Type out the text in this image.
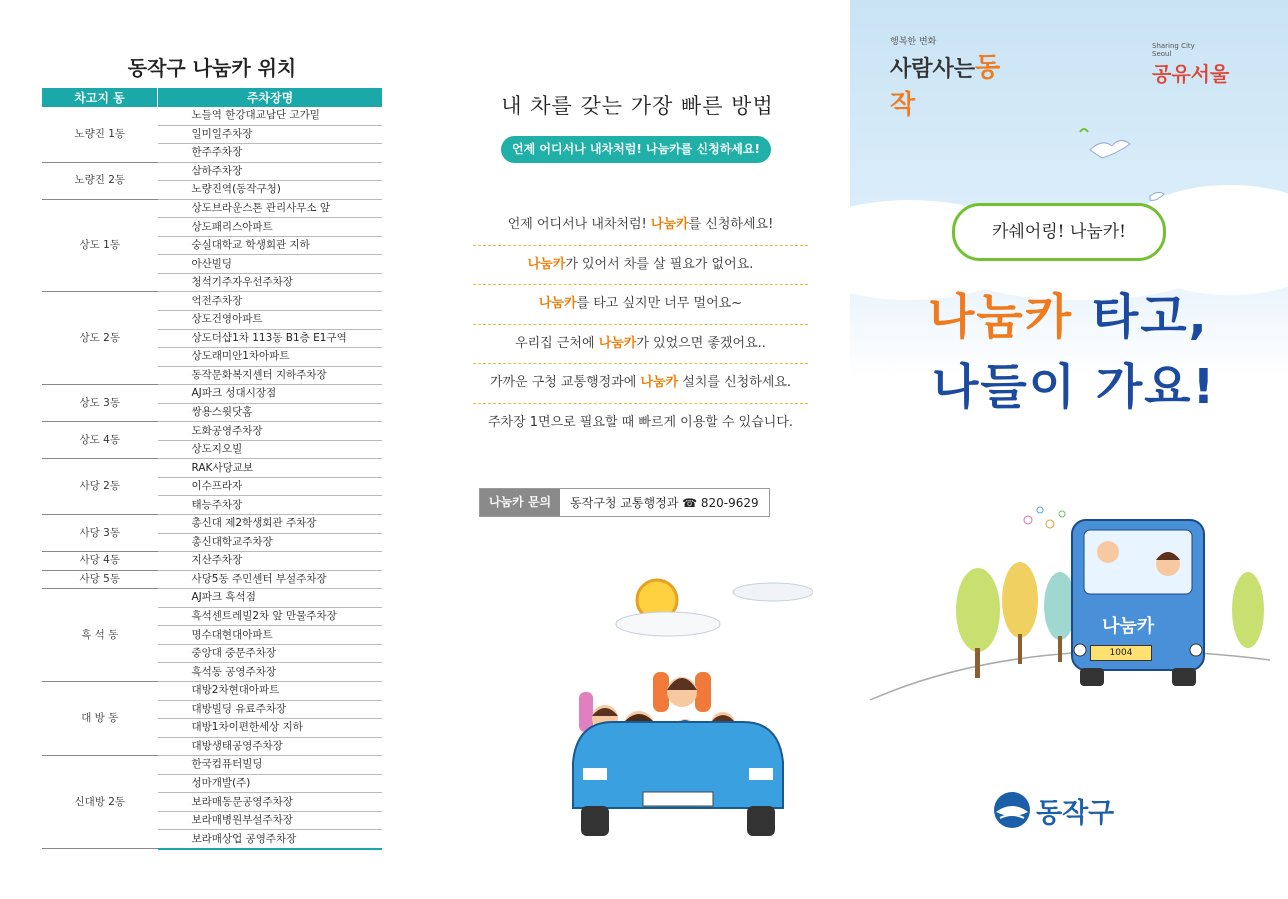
동작구 나눔카 위치
차고지 동	주차장명
노량진 1동	노들역 한강대교남단 고가밑
	일미일주차장
	한주주차장
노량진 2동	삼하주차장
	노량진역(동작구청)
상도 1동	상도브라운스톤 관리사무소 앞
	상도패리스아파트
	숭실대학교 학생회관 지하
	아산빌딩
	청석기주자우선주차장
상도 2동	억전주차장
	상도건영아파트
	상도더샵1차 113동 B1층 E1구역
	상도래미안1차아파트
	동작문화복지센터 지하주차장
상도 3동	AJ파크 성대시장점
	쌍용스윗닷홈
상도 4동	도화공영주차장
	상도지오빌
사당 2동	RAK사당교보
	이수프라자
	태능주차장
사당 3동	총신대 제2학생회관 주차장
	총신대학교주차장
사당 4동	지산주차장
사당 5동	사당5동 주민센터 부설주차장
흑 석 동	AJ파크 흑석점
	흑석센트레빌2차 앞 만물주차장
	명수대현대아파트
	중앙대 중문주차장
	흑석동 공영주차장
대 방 동	대방2차현대아파트
	대방빌딩 유료주차장
	대방1차이편한세상 지하
	대방생태공영주차장
신대방 2동	한국컴퓨터빌딩
	성마개발(주)
	보라매동문공영주차장
	보라매병원부설주차장
	보라매상업 공영주차장
내 차를 갖는 가장 빠른 방법
언제 어디서나 내차처럼! 나눔카를 신청하세요!
언제 어디서나 내차처럼! 나눔카를 신청하세요!
나눔카가 있어서 차를 살 필요가 없어요.
나눔카를 타고 싶지만 너무 멀어요~
우리집 근처에 나눔카가 있었으면 좋겠어요..
가까운 구청 교통행정과에 나눔카 설치를 신청하세요.
주차장 1면으로 필요할 때 빠르게 이용할 수 있습니다.
나눔카 문의	동작구청 교통행정과 ☎ 820-9629
행복한 변화
사람사는동작
Sharing City
Seoul
공유서울
카쉐어링! 나눔카!
나눔카 타고,
나들이 가요!
나눔카
1004
동작구
